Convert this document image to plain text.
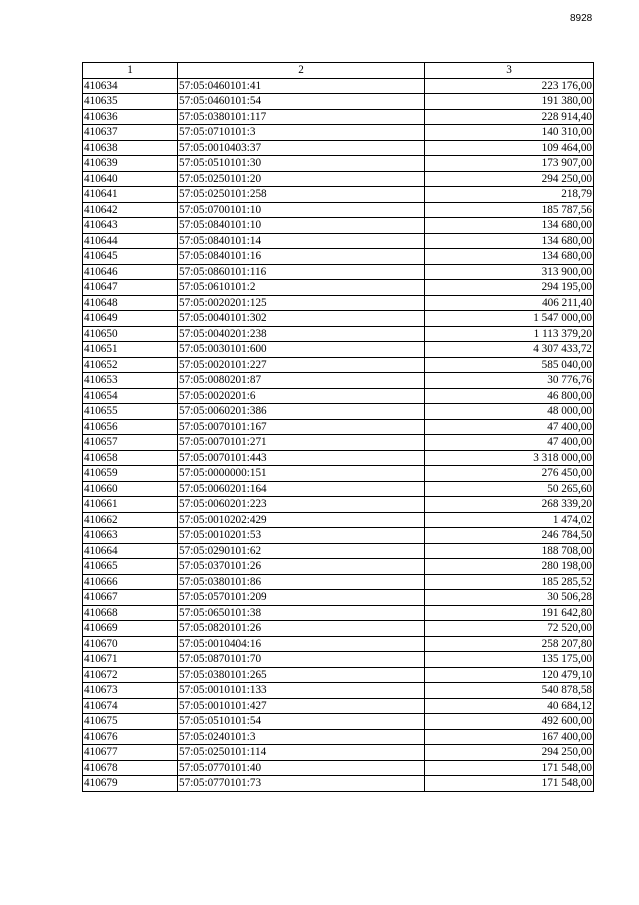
8928
1	2	3
410634	57:05:0460101:41	223 176,00
410635	57:05:0460101:54	191 380,00
410636	57:05:0380101:117	228 914,40
410637	57:05:0710101:3	140 310,00
410638	57:05:0010403:37	109 464,00
410639	57:05:0510101:30	173 907,00
410640	57:05:0250101:20	294 250,00
410641	57:05:0250101:258	218,79
410642	57:05:0700101:10	185 787,56
410643	57:05:0840101:10	134 680,00
410644	57:05:0840101:14	134 680,00
410645	57:05:0840101:16	134 680,00
410646	57:05:0860101:116	313 900,00
410647	57:05:0610101:2	294 195,00
410648	57:05:0020201:125	406 211,40
410649	57:05:0040101:302	1 547 000,00
410650	57:05:0040201:238	1 113 379,20
410651	57:05:0030101:600	4 307 433,72
410652	57:05:0020101:227	585 040,00
410653	57:05:0080201:87	30 776,76
410654	57:05:0020201:6	46 800,00
410655	57:05:0060201:386	48 000,00
410656	57:05:0070101:167	47 400,00
410657	57:05:0070101:271	47 400,00
410658	57:05:0070101:443	3 318 000,00
410659	57:05:0000000:151	276 450,00
410660	57:05:0060201:164	50 265,60
410661	57:05:0060201:223	268 339,20
410662	57:05:0010202:429	1 474,02
410663	57:05:0010201:53	246 784,50
410664	57:05:0290101:62	188 708,00
410665	57:05:0370101:26	280 198,00
410666	57:05:0380101:86	185 285,52
410667	57:05:0570101:209	30 506,28
410668	57:05:0650101:38	191 642,80
410669	57:05:0820101:26	72 520,00
410670	57:05:0010404:16	258 207,80
410671	57:05:0870101:70	135 175,00
410672	57:05:0380101:265	120 479,10
410673	57:05:0010101:133	540 878,58
410674	57:05:0010101:427	40 684,12
410675	57:05:0510101:54	492 600,00
410676	57:05:0240101:3	167 400,00
410677	57:05:0250101:114	294 250,00
410678	57:05:0770101:40	171 548,00
410679	57:05:0770101:73	171 548,00
